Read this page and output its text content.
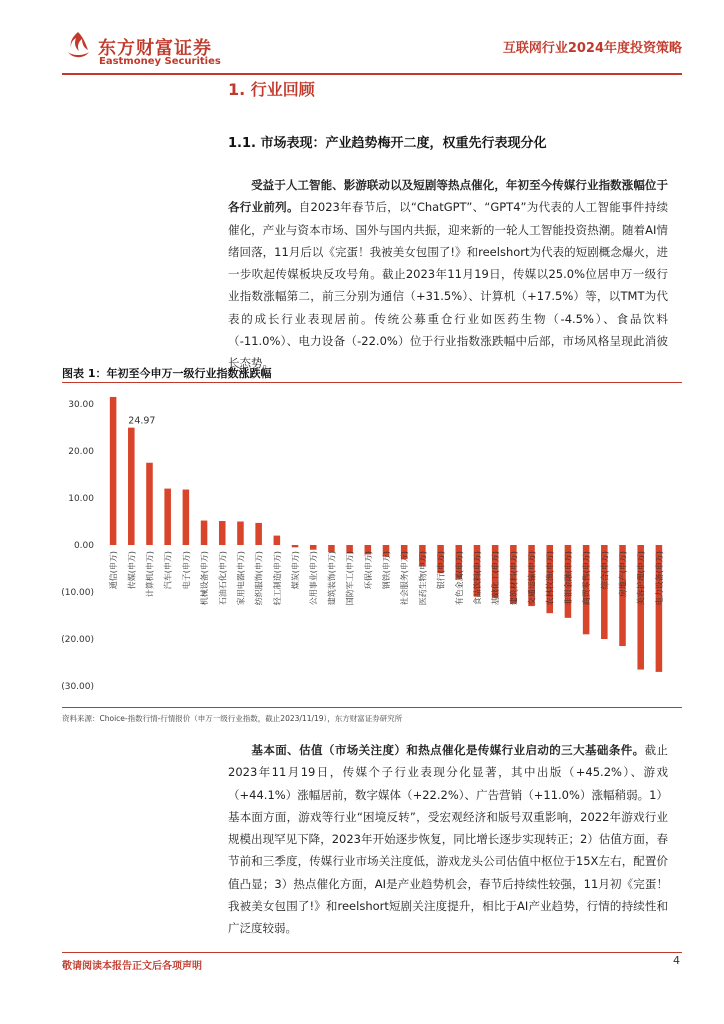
东方财富证券
Eastmoney Securities
互联网行业2024年度投资策略
1. 行业回顾
1.1. 市场表现：产业趋势梅开二度，权重先行表现分化

受益于人工智能、影游联动以及短剧等热点催化，年初至今传媒行业指数涨幅位于各行业前列。自2023年春节后，以“ChatGPT”、“GPT4”为代表的人工智能事件持续催化，产业与资本市场、国外与国内共振，迎来新的一轮人工智能投资热潮。随着AI情绪回落，11月后以《完蛋！我被美女包围了!》和reelshort为代表的短剧概念爆火，进一步吹起传媒板块反攻号角。截止2023年11月19日，传媒以25.0%位居申万一级行业指数涨幅第二，前三分别为通信（+31.5%）、计算机（+17.5%）等，以TMT为代表的成长行业表现居前。传统公募重仓行业如医药生物（-4.5%）、食品饮料（-11.0%）、电力设备（-22.0%）位于行业指数涨跌幅中后部，市场风格呈现此消彼长态势。

图表 1：年初至今申万一级行业指数涨跌幅
30.00
20.00
10.00
0.00
(10.00)
(20.00)
(30.00)
通信(申万) 传媒(申万) 计算机(申万) 汽车(申万) 电子(申万) 机械设备(申万) 石油石化(申万) 家用电器(申万) 纺织服饰(申万) 轻工制造(申万) 煤炭(申万) 公用事业(申万) 建筑装饰(申万) 国防军工(申万) 环保(申万) 钢铁(申万) 社会服务(申万) 医药生物(申万) 银行(申万) 有色金属(申万) 食品饮料(申万) 基础化工(申万) 建筑材料(申万) 交通运输(申万) 农林牧渔(申万) 非银金融(申万) 商贸零售(申万) 综合(申万) 房地产(申万) 美容护理(申万) 电力设备(申万)
24.97
资料来源：Choice-指数行情-行情报价（申万一级行业指数，截止2023/11/19），东方财富证券研究所

基本面、估值（市场关注度）和热点催化是传媒行业启动的三大基础条件。截止2023年11月19日，传媒个子行业表现分化显著，其中出版（+45.2%）、游戏（+44.1%）涨幅居前，数字媒体（+22.2%）、广告营销（+11.0%）涨幅稍弱。1）基本面方面，游戏等行业“困境反转”，受宏观经济和版号双重影响，2022年游戏行业规模出现罕见下降，2023年开始逐步恢复，同比增长逐步实现转正；2）估值方面，春节前和三季度，传媒行业市场关注度低，游戏龙头公司估值中枢位于15X左右，配置价值凸显；3）热点催化方面，AI是产业趋势机会，春节后持续性较强，11月初《完蛋！我被美女包围了!》和reelshort短剧关注度提升，相比于AI产业趋势，行情的持续性和广泛度较弱。

敬请阅读本报告正文后各项声明	4
